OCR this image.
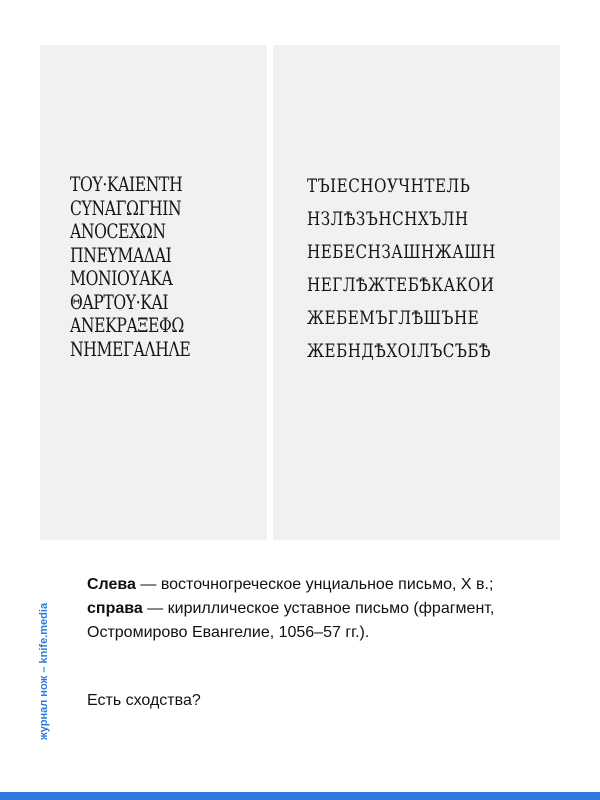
ΤΟΥ·ΚΑΙΕΝΤΗ
ϹΥΝΑΓΩΓΗΙΝ
ΑΝΟϹΕΧΩΝ
ΠΝΕΥΜΑΔΑΙ
ΜΟΝΙΟΥΑΚΑ
ΘΑΡΤΟΥ·ΚΑΙ
ΑΝΕΚΡΑΞΕΦΩ
ΝΗΜΕΓΑΛΗΛΕ
ТЪІЕСНОУЧНТЕЛЬ
НЗЛѢЗЪНСНХЪЛН
НЕБЕСНЗАШНЖАШН
НЕГЛѢЖТЕБѢКАКОИ
ЖЕБЕМЪГЛѢШЪНЕ
ЖЕБНДѢХОІЛЪСЪБѢ
журнал нож – knife.media

Слева — восточногреческое унциальное письмо, X в.; справа — кириллическое уставное письмо (фрагмент, Остромирово Евангелие, 1056–57 гг.).

Есть сходства?
